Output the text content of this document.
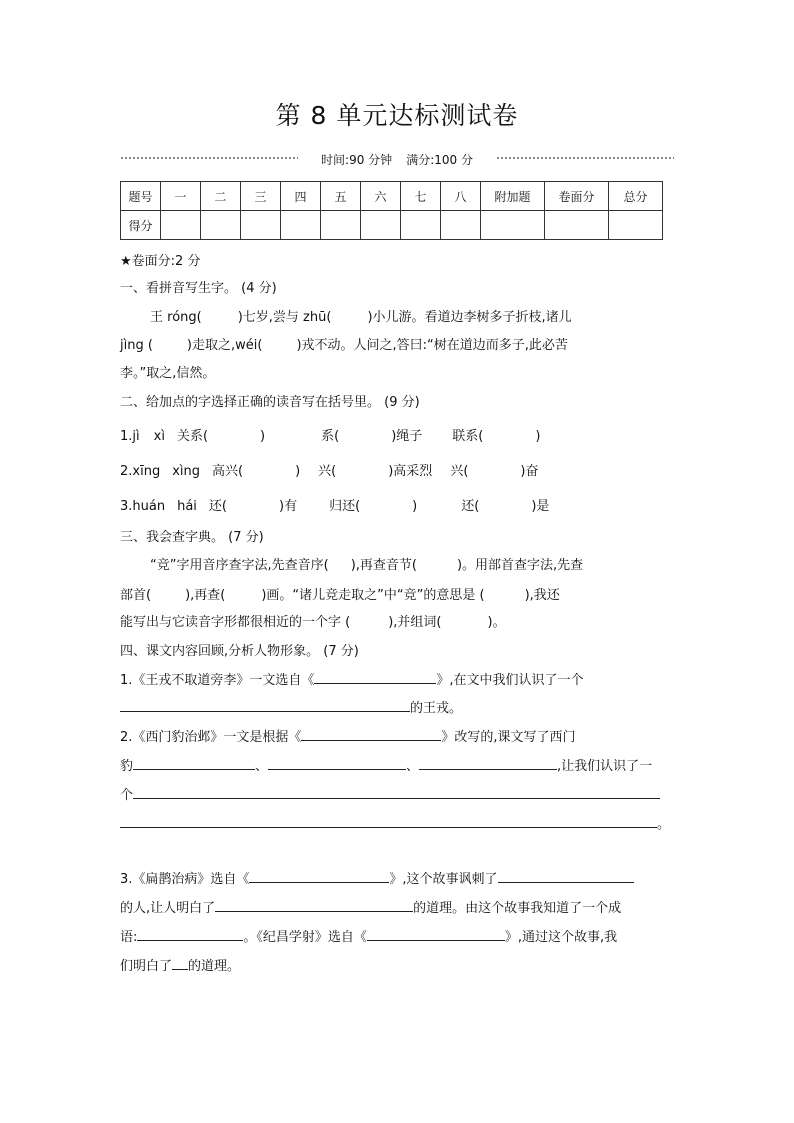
第 8 单元达标测试卷
时间:90 分钟 满分:100 分
题号	一	二	三	四	五	六	七	八	附加题	卷面分	总分
得分											
★卷面分:2 分
一、看拼音写生字。 (4 分)
王 róng(	)七岁,尝与 zhū(	)小儿游。看道边李树多子折枝,诸儿
jìng (	)走取之,wéi(	)戎不动。人问之,答曰:“树在道边而多子,此必苦
李。”取之,信然。
二、给加点的字选择正确的读音写在括号里。 (9 分)
1.jì xì 关系(	)	系(	)绳子 联系(	)
2.xīng xìng 高兴(	) 兴(	)高采烈 兴(	)奋
3.huán hái 还(	)有 归还(	)	还(	)是
三、我会查字典。 (7 分)
“竞”字用音序查字法,先查音序( ),再查音节(	)。用部首查字法,先查
部首(	),再查(	)画。“诸儿竞走取之”中“竞”的意思是 (	),我还
能写出与它读音字形都很相近的一个字 (	),并组词(	)。
四、课文内容回顾,分析人物形象。 (7 分)
1.《王戎不取道旁李》一文选自《	》,在文中我们认识了一个
的王戎。
2.《西门豹治邺》一文是根据《	》改写的,课文写了西门
豹	、	、	,让我们认识了一
个
。
3.《扁鹊治病》选自《	》,这个故事讽刺了
的人,让人明白了	的道理。由这个故事我知道了一个成
语:	。《纪昌学射》选自《	》,通过这个故事,我
们明白了 的道理。
